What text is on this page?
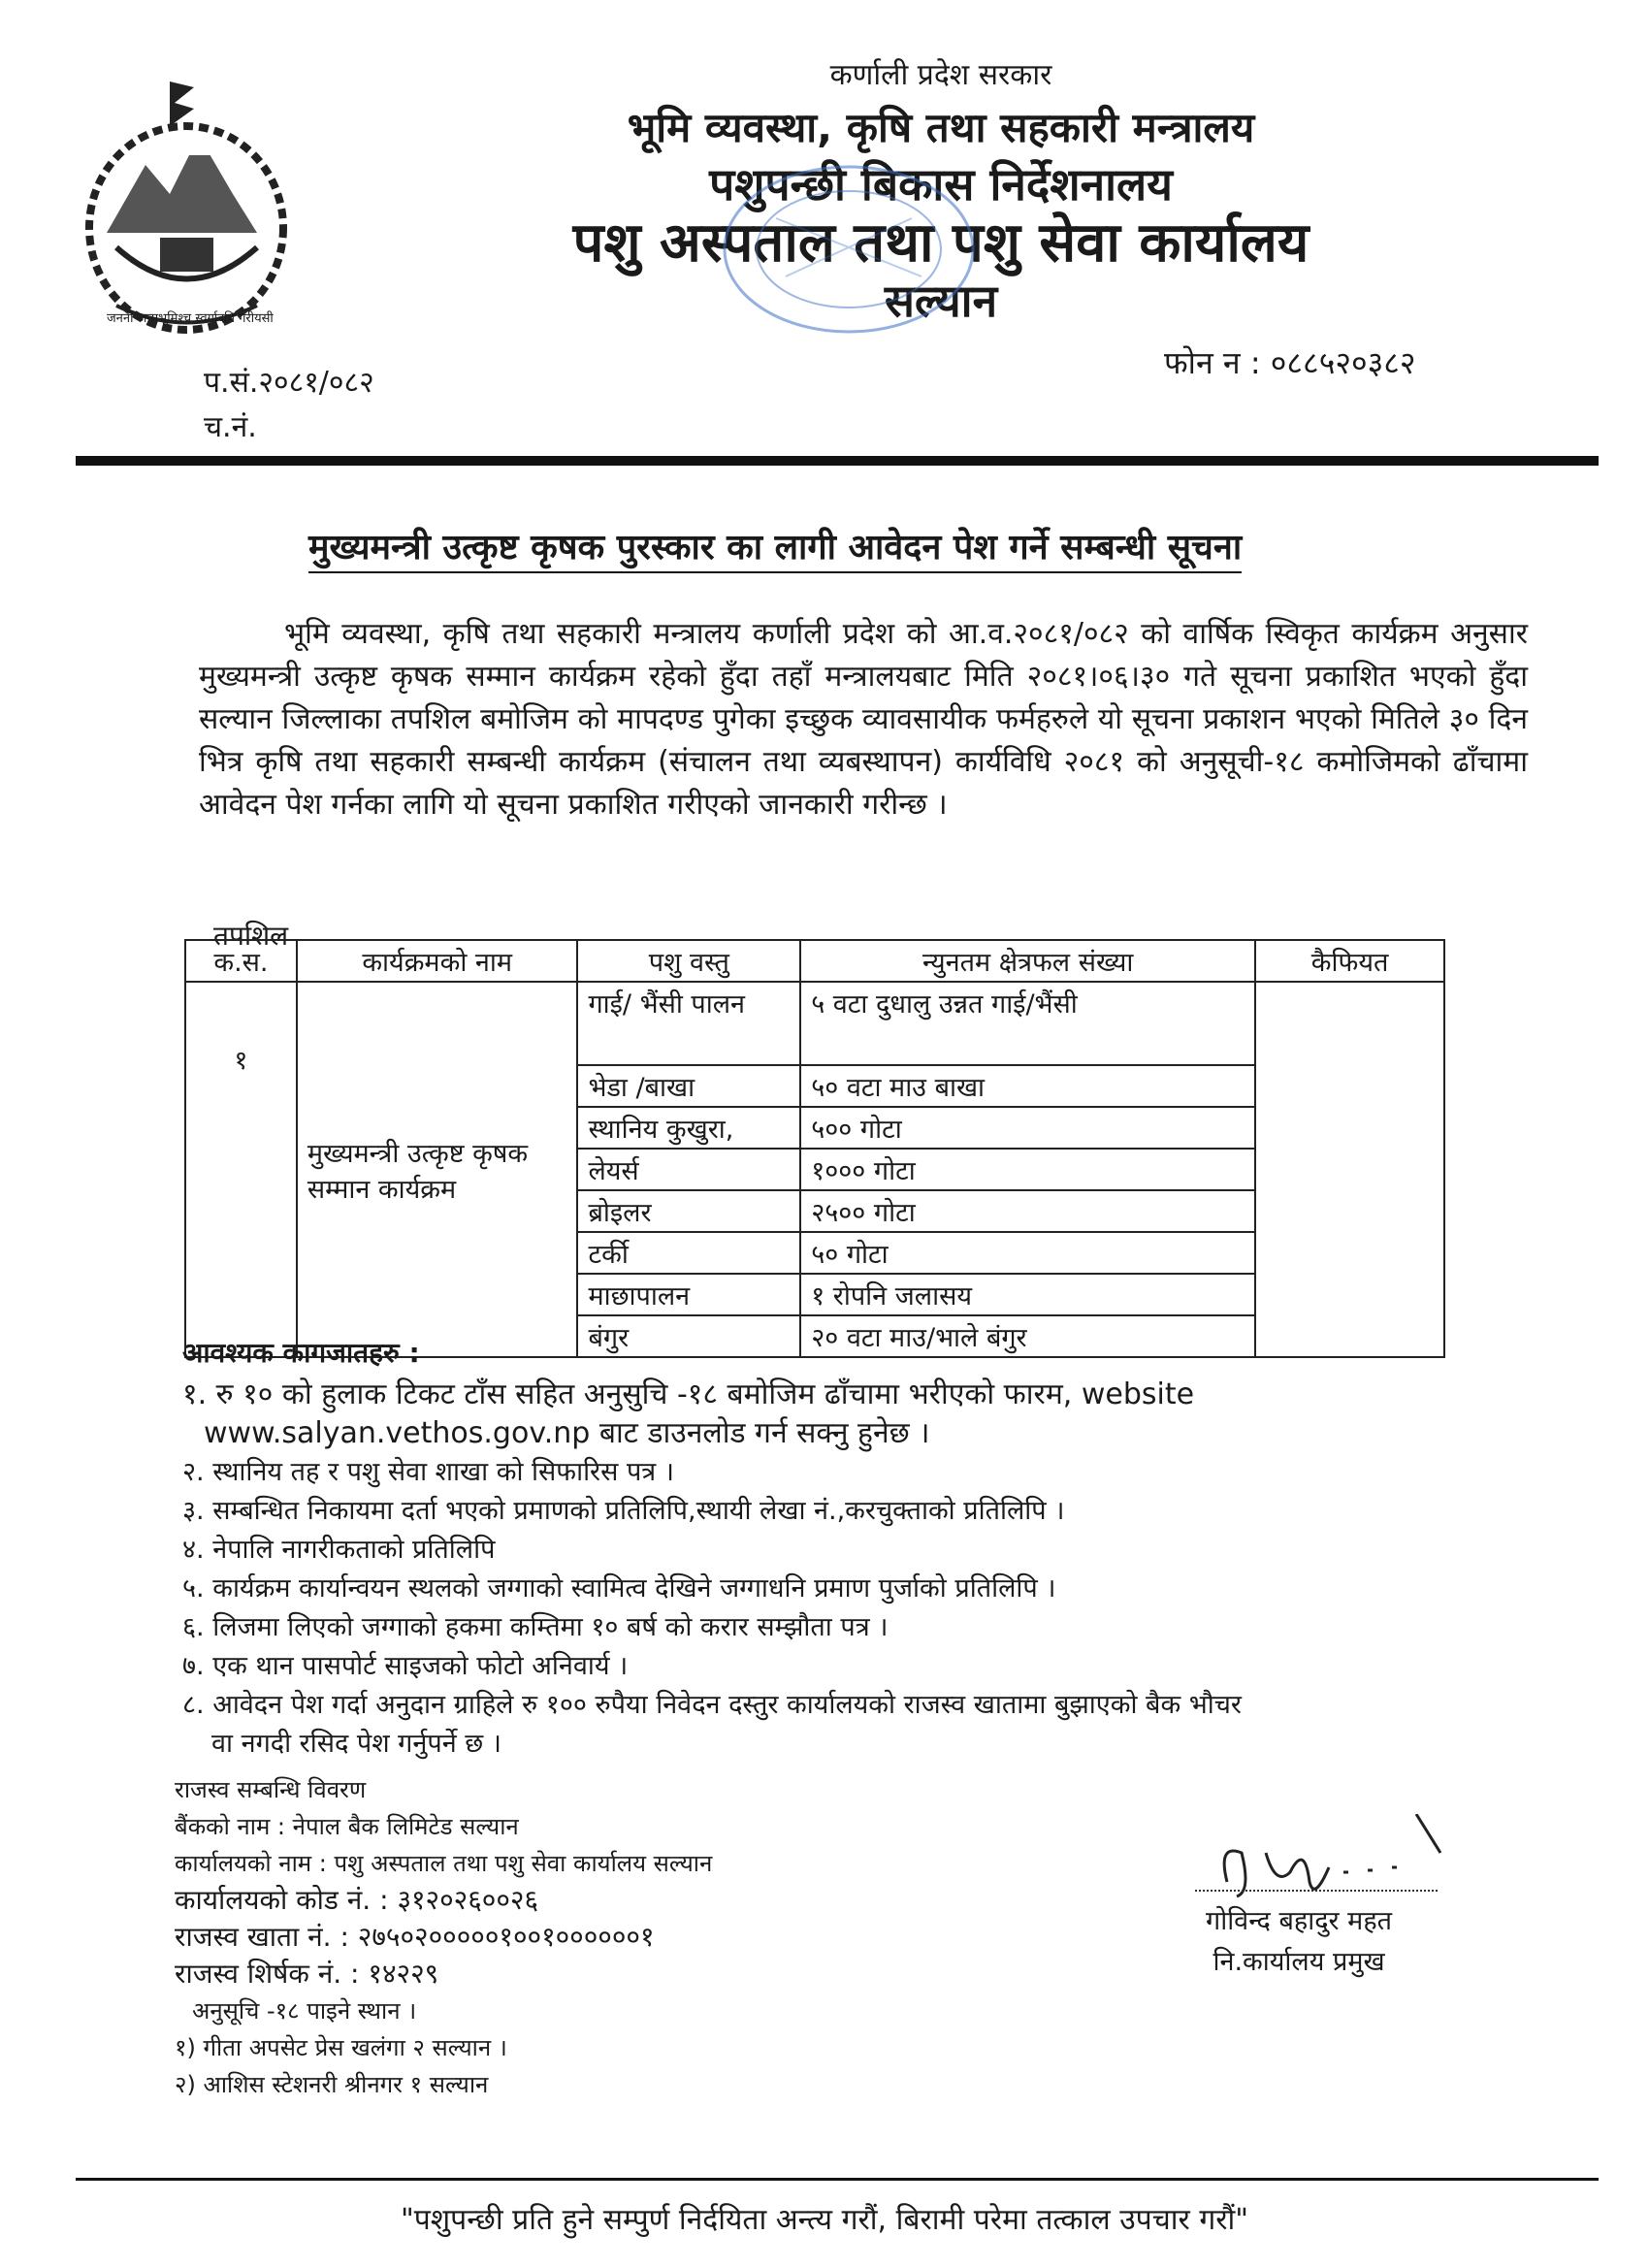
जननी जन्मभूमिश्च स्वर्गादपि गरीयसी
कर्णाली प्रदेश सरकार
भूमि व्यवस्था, कृषि तथा सहकारी मन्त्रालय
पशुपन्छी बिकास निर्देशनालय
पशु अस्पताल तथा पशु सेवा कार्यालय
सल्यान
फोन न : ०८८५२०३८२
प.सं.२०८१/०८२
च.नं.
मुख्यमन्त्री उत्कृष्ट कृषक पुरस्कार का लागी आवेदन पेश गर्ने सम्बन्धी सूचना
भूमि व्यवस्था, कृषि तथा सहकारी मन्त्रालय कर्णाली प्रदेश को आ.व.२०८१/०८२ को वार्षिक स्विकृत कार्यक्रम अनुसार मुख्यमन्त्री उत्कृष्ट कृषक सम्मान कार्यक्रम रहेको हुँदा तहाँ मन्त्रालयबाट मिति २०८१।०६।३० गते सूचना प्रकाशित भएको हुँदा सल्यान जिल्लाका तपशिल बमोजिम को मापदण्ड पुगेका इच्छुक व्यावसायीक फर्महरुले यो सूचना प्रकाशन भएको मितिले ३० दिन भित्र कृषि तथा सहकारी सम्बन्धी कार्यक्रम (संचालन तथा व्यबस्थापन) कार्यविधि २०८१ को अनुसूची-१८ कमोजिमको ढाँचामा आवेदन पेश गर्नका लागि यो सूचना प्रकाशित गरीएको जानकारी गरीन्छ ।
तपशिल
क.स.	कार्यक्रमको नाम	पशु वस्तु	न्युनतम क्षेत्रफल संख्या	कैफियत
१	मुख्यमन्त्री उत्कृष्ट कृषक सम्मान कार्यक्रम	गाई/ भैंसी पालन	५ वटा दुधालु उन्नत गाई/भैंसी	
		भेडा /बाखा	५० वटा माउ बाखा	
		स्थानिय कुखुरा,	५०० गोटा	
		लेयर्स	१००० गोटा	
		ब्रोइलर	२५०० गोटा	
		टर्की	५० गोटा	
		माछापालन	१ रोपनि जलासय	
		बंगुर	२० वटा माउ/भाले बंगुर	
आवश्यक कागजातहरु :
१. रु १० को हुलाक टिकट टाँस सहित अनुसुचि -१८ बमोजिम ढाँचामा भरीएको फारम, website
www.salyan.vethos.gov.np बाट डाउनलोड गर्न सक्नु हुनेछ ।
२. स्थानिय तह र पशु सेवा शाखा को सिफारिस पत्र ।
३. सम्बन्धित निकायमा दर्ता भएको प्रमाणको प्रतिलिपि,स्थायी लेखा नं.,करचुक्ताको प्रतिलिपि ।
४. नेपालि नागरीकताको प्रतिलिपि
५. कार्यक्रम कार्यान्वयन स्थलको जग्गाको स्वामित्व देखिने जग्गाधनि प्रमाण पुर्जाको प्रतिलिपि ।
६. लिजमा लिएको जग्गाको हकमा कम्तिमा १० बर्ष को करार सम्झौता पत्र ।
७. एक थान पासपोर्ट साइजको फोटो अनिवार्य ।
८. आवेदन पेश गर्दा अनुदान ग्राहिले रु १०० रुपैया निवेदन दस्तुर कार्यालयको राजस्व खातामा बुझाएको बैक भौचर
वा नगदी रसिद पेश गर्नुपर्ने छ ।
राजस्व सम्बन्धि विवरण
बैंकको नाम : नेपाल बैक लिमिटेड सल्यान
कार्यालयको नाम : पशु अस्पताल तथा पशु सेवा कार्यालय सल्यान
कार्यालयको कोड नं. : ३१२०२६००२६
राजस्व खाता नं. : २७५०२०००००१००१००००००१
राजस्व शिर्षक नं. : १४२२९
अनुसूचि -१८ पाइने स्थान ।
१) गीता अपसेट प्रेस खलंगा २ सल्यान ।
२) आशिस स्टेशनरी श्रीनगर १ सल्यान
गोविन्द बहादुर महत
नि.कार्यालय प्रमुख
"पशुपन्छी प्रति हुने सम्पुर्ण निर्दयिता अन्त्य गरौं, बिरामी परेमा तत्काल उपचार गरौं"
